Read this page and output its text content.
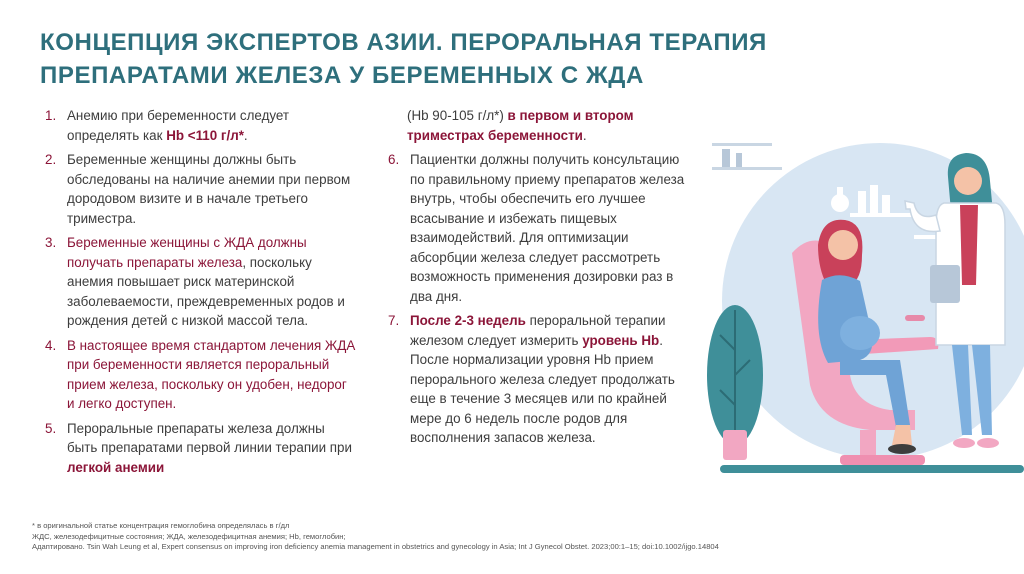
КОНЦЕПЦИЯ ЭКСПЕРТОВ АЗИИ. ПЕРОРАЛЬНАЯ ТЕРАПИЯ
ПРЕПАРАТАМИ ЖЕЛЕЗА У БЕРЕМЕННЫХ С ЖДА
1. Анемию при беременности следует определять как Hb <110 г/л*.
2. Беременные женщины должны быть обследованы на наличие анемии при первом дородовом визите и в начале третьего триместра.
3. Беременные женщины с ЖДА должны получать препараты железа, поскольку анемия повышает риск материнской заболеваемости, преждевременных родов и рождения детей с низкой массой тела.
4. В настоящее время стандартом лечения ЖДА при беременности является пероральный прием железа, поскольку он удобен, недорог и легко доступен.
5. Пероральные препараты железа должны быть препаратами первой линии терапии при легкой анемии
(Hb 90-105 г/л*) в первом и втором триместрах беременности.
6. Пациентки должны получить консультацию по правильному приему препаратов железа внутрь, чтобы обеспечить его лучшее всасывание и избежать пищевых взаимодействий. Для оптимизации абсорбции железа следует рассмотреть возможность применения дозировки раз в два дня.
7. После 2-3 недель пероральной терапии железом следует измерить уровень Hb. После нормализации уровня Hb прием перорального железа следует продолжать еще в течение 3 месяцев или по крайней мере до 6 недель после родов для восполнения запасов железа.
* в оригинальной статье концентрация гемоглобина определялась в г/дл
ЖДС, железодефицитные состояния; ЖДА, железодефицитная анемия; Hb, гемоглобин;
Адаптировано. Tsin Wah Leung et al, Expert consensus on improving iron deficiency anemia management in obstetrics and gynecology in Asia; Int J Gynecol Obstet. 2023;00:1–15; doi:10.1002/ijgo.14804
